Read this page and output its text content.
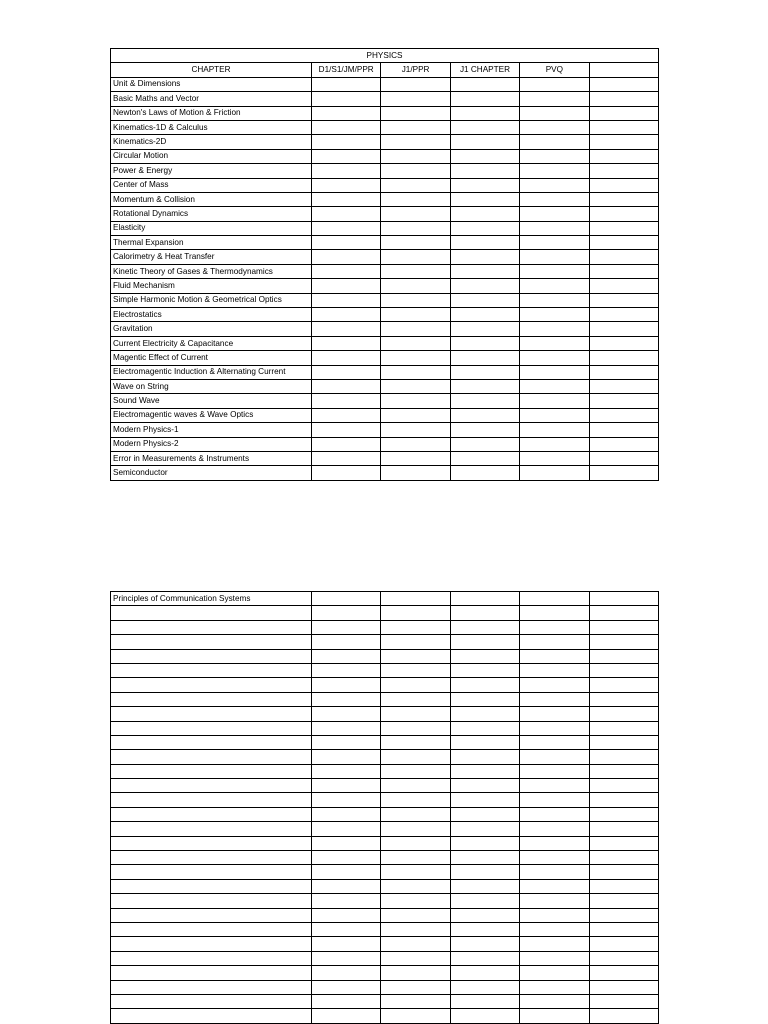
PHYSICS					
CHAPTER	D1/S1/JM/PPR	J1/PPR	J1 CHAPTER	PVQ	
Unit & Dimensions					
Basic Maths and Vector					
Newton's Laws of Motion & Friction					
Kinematics-1D & Calculus					
Kinematics-2D					
Circular Motion					
Power & Energy					
Center of Mass					
Momentum & Collision					
Rotational Dynamics					
Elasticity					
Thermal Expansion					
Calorimetry & Heat Transfer					
Kinetic Theory of Gases & Thermodynamics					
Fluid Mechanism					
Simple Harmonic Motion & Geometrical Optics					
Electrostatics					
Gravitation					
Current Electricity & Capacitance					
Magentic Effect of Current					
Electromagentic Induction & Alternating Current					
Wave on String					
Sound Wave					
Electromagentic waves & Wave Optics					
Modern Physics-1					
Modern Physics-2					
Error in Measurements & Instruments					
Semiconductor					
Principles of Communication Systems					
